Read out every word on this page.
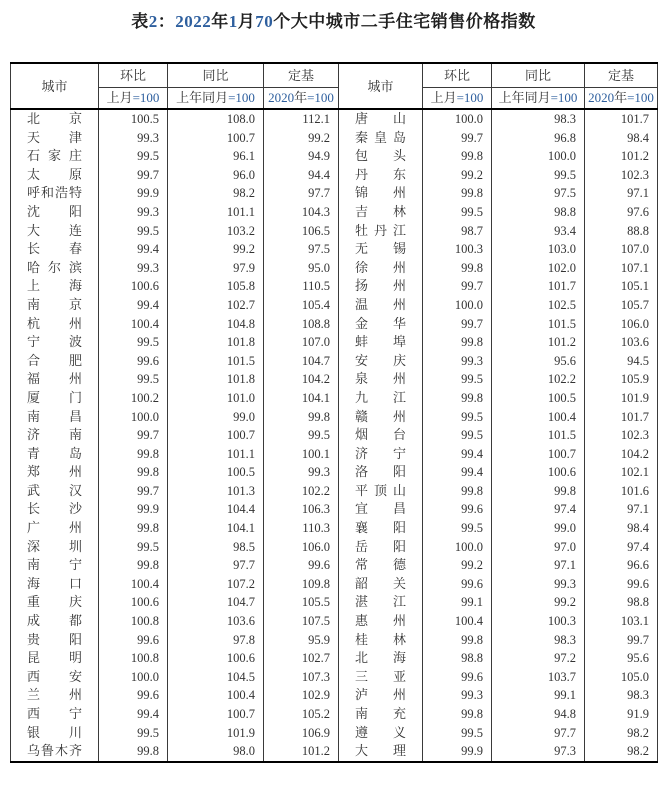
表2：2022年1月70个大中城市二手住宅销售价格指数
城市	环比	同比	定基	城市	环比	同比	定基
	上月=100	上年同月=100	2020年=100		上月=100	上年同月=100	2020年=100
北京	100.5	108.0	112.1	唐山	100.0	98.3	101.7
天津	99.3	100.7	99.2	秦皇岛	99.7	96.8	98.4
石家庄	99.5	96.1	94.9	包头	99.8	100.0	101.2
太原	99.7	96.0	94.4	丹东	99.2	99.5	102.3
呼和浩特	99.9	98.2	97.7	锦州	99.8	97.5	97.1
沈阳	99.3	101.1	104.3	吉林	99.5	98.8	97.6
大连	99.5	103.2	106.5	牡丹江	98.7	93.4	88.8
长春	99.4	99.2	97.5	无锡	100.3	103.0	107.0
哈尔滨	99.3	97.9	95.0	徐州	99.8	102.0	107.1
上海	100.6	105.8	110.5	扬州	99.7	101.7	105.1
南京	99.4	102.7	105.4	温州	100.0	102.5	105.7
杭州	100.4	104.8	108.8	金华	99.7	101.5	106.0
宁波	99.5	101.8	107.0	蚌埠	99.8	101.2	103.6
合肥	99.6	101.5	104.7	安庆	99.3	95.6	94.5
福州	99.5	101.8	104.2	泉州	99.5	102.2	105.9
厦门	100.2	101.0	104.1	九江	99.8	100.5	101.9
南昌	100.0	99.0	99.8	赣州	99.5	100.4	101.7
济南	99.7	100.7	99.5	烟台	99.5	101.5	102.3
青岛	99.8	101.1	100.1	济宁	99.4	100.7	104.2
郑州	99.8	100.5	99.3	洛阳	99.4	100.6	102.1
武汉	99.7	101.3	102.2	平顶山	99.8	99.8	101.6
长沙	99.9	104.4	106.3	宜昌	99.6	97.4	97.1
广州	99.8	104.1	110.3	襄阳	99.5	99.0	98.4
深圳	99.5	98.5	106.0	岳阳	100.0	97.0	97.4
南宁	99.8	97.7	99.6	常德	99.2	97.1	96.6
海口	100.4	107.2	109.8	韶关	99.6	99.3	99.6
重庆	100.6	104.7	105.5	湛江	99.1	99.2	98.8
成都	100.8	103.6	107.5	惠州	100.4	100.3	103.1
贵阳	99.6	97.8	95.9	桂林	99.8	98.3	99.7
昆明	100.8	100.6	102.7	北海	98.8	97.2	95.6
西安	100.0	104.5	107.3	三亚	99.6	103.7	105.0
兰州	99.6	100.4	102.9	泸州	99.3	99.1	98.3
西宁	99.4	100.7	105.2	南充	99.8	94.8	91.9
银川	99.5	101.9	106.9	遵义	99.5	97.7	98.2
乌鲁木齐	99.8	98.0	101.2	大理	99.9	97.3	98.2
